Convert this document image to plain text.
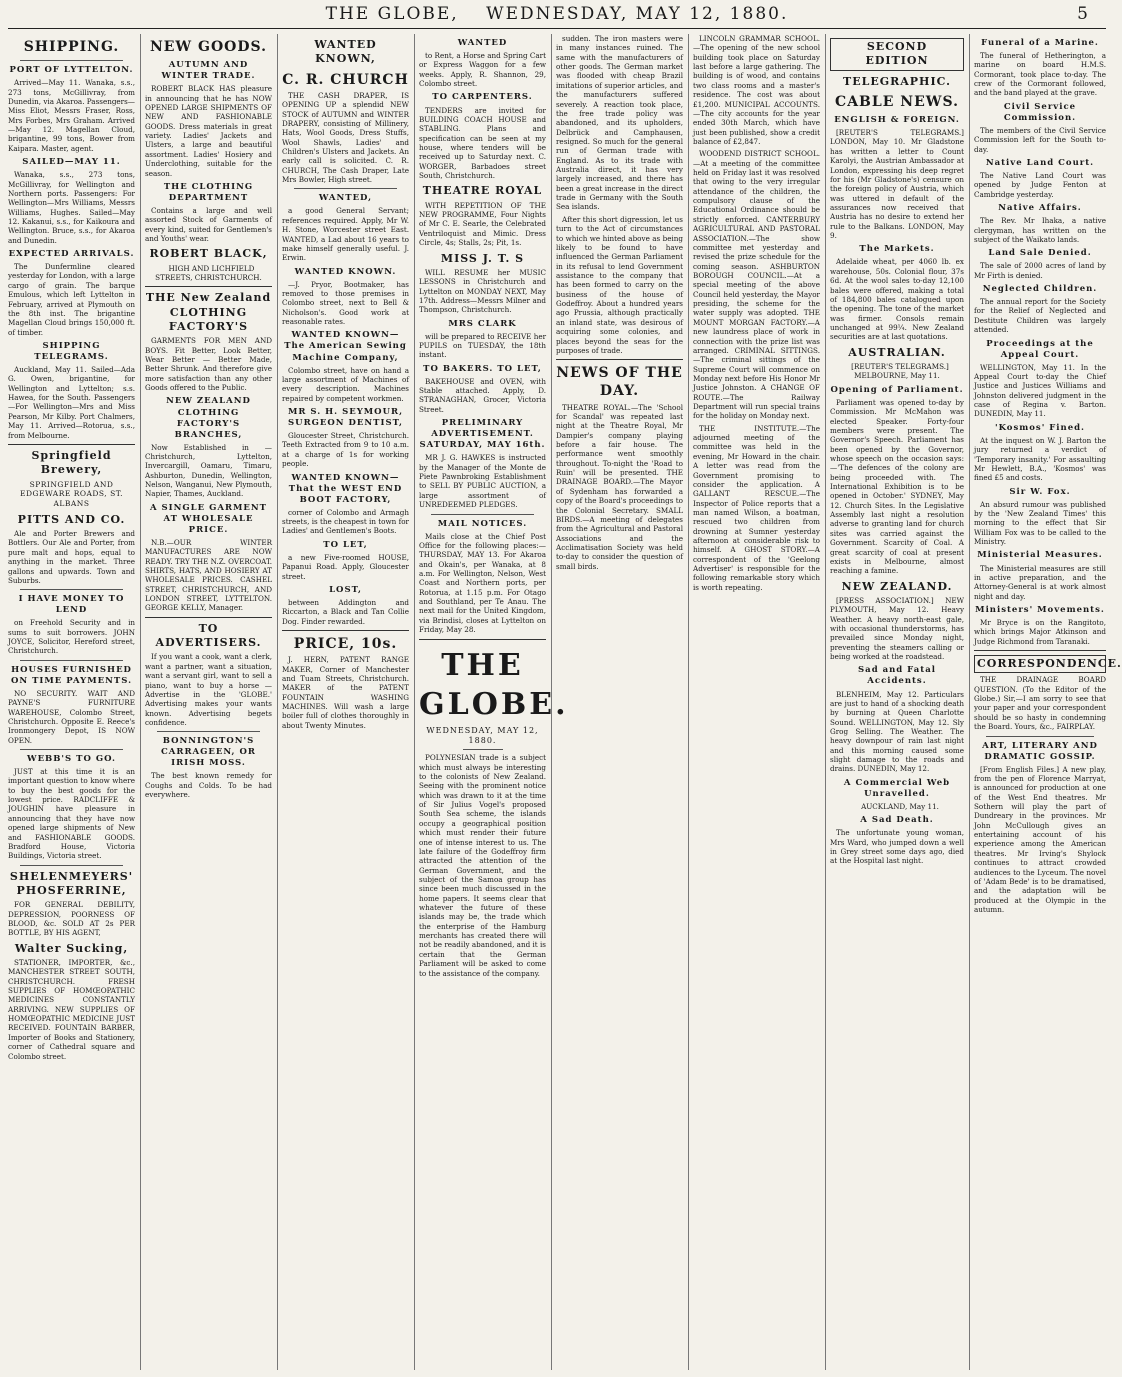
THE GLOBE, WEDNESDAY, MAY 12, 1880.	5
SHIPPING.
PORT OF LYTTELTON.

Arrived—May 11. Wanaka, s.s., 273 tons, McGillivray, from Dunedin, via Akaroa. Passengers—Miss Eliot, Messrs Fraser, Ross, Mrs Forbes, Mrs Graham. Arrived—May 12. Magellan Cloud, brigantine, 99 tons, Bower from Kaipara. Master, agent.

SAILED—MAY 11.

Wanaka, s.s., 273 tons, McGillivray, for Wellington and Northern ports. Passengers: For Wellington—Mrs Williams, Messrs Williams, Hughes. Sailed—May 12. Kakanui, s.s., for Kaikoura and Wellington. Bruce, s.s., for Akaroa and Dunedin.

EXPECTED ARRIVALS.

The Dunfermline cleared yesterday for London, with a large cargo of grain. The barque Emulous, which left Lyttelton in February, arrived at Plymouth on the 8th inst. The brigantine Magellan Cloud brings 150,000 ft. of timber.

SHIPPING TELEGRAMS.

Auckland, May 11. Sailed—Ada G. Owen, brigantine, for Wellington and Lyttelton; s.s. Hawea, for the South. Passengers—For Wellington—Mrs and Miss Pearson, Mr Kilby. Port Chalmers, May 11. Arrived—Rotorua, s.s., from Melbourne.

Springfield Brewery,
SPRINGFIELD AND EDGEWARE ROADS, ST. ALBANS
PITTS AND CO.

Ale and Porter Brewers and Bottlers. Our Ale and Porter, from pure malt and hops, equal to anything in the market. Three gallons and upwards. Town and Suburbs.

I HAVE MONEY TO LEND

on Freehold Security and in sums to suit borrowers. JOHN JOYCE, Solicitor, Hereford street, Christchurch.

HOUSES FURNISHED ON TIME PAYMENTS.

NO SECURITY. WAIT AND PAYNE'S FURNITURE WAREHOUSE, Colombo Street, Christchurch. Opposite E. Reece's Ironmongery Depot, IS NOW OPEN.

WEBB'S TO GO.

JUST at this time it is an important question to know where to buy the best goods for the lowest price. RADCLIFFE & JOUGHIN have pleasure in announcing that they have now opened large shipments of New and FASHIONABLE GOODS. Bradford House, Victoria Buildings, Victoria street.

SHELENMEYERS' PHOSFERRINE,

FOR GENERAL DEBILITY, DEPRESSION, POORNESS OF BLOOD, &c. SOLD AT 2s PER BOTTLE, BY HIS AGENT,

Walter Sucking,

STATIONER, IMPORTER, &c., MANCHESTER STREET SOUTH, CHRISTCHURCH. FRESH SUPPLIES OF HOMŒOPATHIC MEDICINES CONSTANTLY ARRIVING. NEW SUPPLIES OF HOMŒOPATHIC MEDICINE JUST RECEIVED. FOUNTAIN BARBER, Importer of Books and Stationery, corner of Cathedral square and Colombo street.

NEW GOODS.
AUTUMN AND WINTER TRADE.

ROBERT BLACK HAS pleasure in announcing that he has NOW OPENED LARGE SHIPMENTS OF NEW AND FASHIONABLE GOODS. Dress materials in great variety. Ladies' Jackets and Ulsters, a large and beautiful assortment. Ladies' Hosiery and Underclothing, suitable for the season.

THE CLOTHING DEPARTMENT

Contains a large and well assorted Stock of Garments of every kind, suited for Gentlemen's and Youths' wear.

ROBERT BLACK,

HIGH AND LICHFIELD STREETS, CHRISTCHURCH.

THE New Zealand CLOTHING FACTORY'S

GARMENTS FOR MEN AND BOYS. Fit Better, Look Better, Wear Better — Better Made, Better Shrunk. And therefore give more satisfaction than any other Goods offered to the Public.

NEW ZEALAND CLOTHING FACTORY'S BRANCHES,

Now Established in — Christchurch, Lyttelton, Invercargill, Oamaru, Timaru, Ashburton, Dunedin, Wellington, Nelson, Wanganui, New Plymouth, Napier, Thames, Auckland.

A SINGLE GARMENT AT WHOLESALE PRICE.

N.B.—OUR WINTER MANUFACTURES ARE NOW READY. TRY THE N.Z. OVERCOAT. SHIRTS, HATS, AND HOSIERY AT WHOLESALE PRICES. CASHEL STREET, CHRISTCHURCH, AND LONDON STREET, LYTTELTON. GEORGE KELLY, Manager.

TO ADVERTISERS.

If you want a cook, want a clerk, want a partner, want a situation, want a servant girl, want to sell a piano, want to buy a horse — Advertise in the 'GLOBE.' Advertising makes your wants known. Advertising begets confidence.

BONNINGTON'S CARRAGEEN, OR IRISH MOSS.

The best known remedy for Coughs and Colds. To be had everywhere.

WANTED KNOWN,
C. R. CHURCH

THE CASH DRAPER, IS OPENING UP a splendid NEW STOCK of AUTUMN and WINTER DRAPERY, consisting of Millinery, Hats, Wool Goods, Dress Stuffs, Wool Shawls, Ladies' and Children's Ulsters and Jackets. An early call is solicited. C. R. CHURCH, The Cash Draper, Late Mrs Bowler, High street.

WANTED,

a good General Servant; references required. Apply, Mr W. H. Stone, Worcester street East. WANTED, a Lad about 16 years to make himself generally useful. J. Erwin.

WANTED KNOWN.

—J. Pryor, Bootmaker, has removed to those premises in Colombo street, next to Bell & Nicholson's. Good work at reasonable rates.

WANTED KNOWN—The American Sewing Machine Company,

Colombo street, have on hand a large assortment of Machines of every description. Machines repaired by competent workmen.

MR S. H. SEYMOUR, SURGEON DENTIST,

Gloucester Street, Christchurch. Teeth Extracted from 9 to 10 a.m. at a charge of 1s for working people.

WANTED KNOWN—That the WEST END BOOT FACTORY,

corner of Colombo and Armagh streets, is the cheapest in town for Ladies' and Gentlemen's Boots.

TO LET,

a new Five-roomed HOUSE, Papanui Road. Apply, Gloucester street.

LOST,

between Addington and Riccarton, a Black and Tan Collie Dog. Finder rewarded.

PRICE, 10s.

J. HERN, PATENT RANGE MAKER, Corner of Manchester and Tuam Streets, Christchurch. MAKER of the PATENT FOUNTAIN WASHING MACHINES. Will wash a large boiler full of clothes thoroughly in about Twenty Minutes.

WANTED

to Rent, a Horse and Spring Cart or Express Waggon for a few weeks. Apply, R. Shannon, 29, Colombo street.

TO CARPENTERS.

TENDERS are invited for BUILDING COACH HOUSE and STABLING. Plans and specification can be seen at my house, where tenders will be received up to Saturday next. C. WORGER, Barbadoes street South, Christchurch.

THEATRE ROYAL

WITH REPETITION OF THE NEW PROGRAMME, Four Nights of Mr C. E. Searle, the Celebrated Ventriloquist and Mimic. Dress Circle, 4s; Stalls, 2s; Pit, 1s.

MISS J. T. S

WILL RESUME her MUSIC LESSONS in Christchurch and Lyttelton on MONDAY NEXT, May 17th. Address—Messrs Milner and Thompson, Christchurch.

MRS CLARK

will be prepared to RECEIVE her PUPILS on TUESDAY, the 18th instant.

TO BAKERS. TO LET,

BAKEHOUSE and OVEN, with Stable attached. Apply, D. STRANAGHAN, Grocer, Victoria Street.

PRELIMINARY ADVERTISEMENT. SATURDAY, MAY 16th.

MR J. G. HAWKES is instructed by the Manager of the Monte de Piete Pawnbroking Establishment to SELL BY PUBLIC AUCTION, a large assortment of UNREDEEMED PLEDGES.

MAIL NOTICES.

Mails close at the Chief Post Office for the following places:— THURSDAY, MAY 13. For Akaroa and Okain's, per Wanaka, at 8 a.m. For Wellington, Nelson, West Coast and Northern ports, per Rotorua, at 1.15 p.m. For Otago and Southland, per Te Anau. The next mail for the United Kingdom, via Brindisi, closes at Lyttelton on Friday, May 28.

THE GLOBE.
WEDNESDAY, MAY 12, 1880.

POLYNESIAN trade is a subject which must always be interesting to the colonists of New Zealand. Seeing with the prominent notice which was drawn to it at the time of Sir Julius Vogel's proposed South Sea scheme, the islands occupy a geographical position which must render their future one of intense interest to us. The late failure of the Godeffroy firm attracted the attention of the German Government, and the subject of the Samoa group has since been much discussed in the home papers. It seems clear that whatever the future of these islands may be, the trade which the enterprise of the Hamburg merchants has created there will not be readily abandoned, and it is certain that the German Parliament will be asked to come to the assistance of the company.

sudden. The iron masters were in many instances ruined. The same with the manufacturers of other goods. The German market was flooded with cheap Brazil imitations of superior articles, and the manufacturers suffered severely. A reaction took place, the free trade policy was abandoned, and its upholders, Delbrück and Camphausen, resigned. So much for the general run of German trade with England. As to its trade with Australia direct, it has very largely increased, and there has been a great increase in the direct trade in Germany with the South Sea islands.

After this short digression, let us turn to the Act of circumstances to which we hinted above as being likely to be found to have influenced the German Parliament in its refusal to lend Government assistance to the company that has been formed to carry on the business of the house of Godeffroy. About a hundred years ago Prussia, although practically an inland state, was desirous of acquiring some colonies, and places beyond the seas for the purposes of trade.

NEWS OF THE DAY.

THEATRE ROYAL.—The 'School for Scandal' was repeated last night at the Theatre Royal, Mr Dampier's company playing before a fair house. The performance went smoothly throughout. To-night the 'Road to Ruin' will be presented. THE DRAINAGE BOARD.—The Mayor of Sydenham has forwarded a copy of the Board's proceedings to the Colonial Secretary. SMALL BIRDS.—A meeting of delegates from the Agricultural and Pastoral Associations and the Acclimatisation Society was held to-day to consider the question of small birds.

LINCOLN GRAMMAR SCHOOL.—The opening of the new school building took place on Saturday last before a large gathering. The building is of wood, and contains two class rooms and a master's residence. The cost was about £1,200. MUNICIPAL ACCOUNTS.—The city accounts for the year ended 30th March, which have just been published, show a credit balance of £2,847.

WOODEND DISTRICT SCHOOL.—At a meeting of the committee held on Friday last it was resolved that owing to the very irregular attendance of the children, the compulsory clause of the Educational Ordinance should be strictly enforced. CANTERBURY AGRICULTURAL AND PASTORAL ASSOCIATION.—The show committee met yesterday and revised the prize schedule for the coming season. ASHBURTON BOROUGH COUNCIL.—At a special meeting of the above Council held yesterday, the Mayor presiding, the scheme for the water supply was adopted. THE MOUNT MORGAN FACTORY.—A new laundress place of work in connection with the prize list was arranged. CRIMINAL SITTINGS.—The criminal sittings of the Supreme Court will commence on Monday next before His Honor Mr Justice Johnston. A CHANGE OF ROUTE.—The Railway Department will run special trains for the holiday on Monday next.

THE INSTITUTE.—The adjourned meeting of the committee was held in the evening, Mr Howard in the chair. A letter was read from the Government promising to consider the application. A GALLANT RESCUE.—The Inspector of Police reports that a man named Wilson, a boatman, rescued two children from drowning at Sumner yesterday afternoon at considerable risk to himself. A GHOST STORY.—A correspondent of the 'Geelong Advertiser' is responsible for the following remarkable story which is worth repeating.

SECOND EDITION
TELEGRAPHIC.
CABLE NEWS.
ENGLISH & FOREIGN.

[REUTER'S TELEGRAMS.] LONDON, May 10. Mr Gladstone has written a letter to Count Karolyi, the Austrian Ambassador at London, expressing his deep regret for his (Mr Gladstone's) censure on the foreign policy of Austria, which was uttered in default of the assurances now received that Austria has no desire to extend her rule to the Balkans. LONDON, May 9.

The Markets.

Adelaide wheat, per 4060 lb. ex warehouse, 50s. Colonial flour, 37s 6d. At the wool sales to-day 12,100 bales were offered, making a total of 184,800 bales catalogued upon the opening. The tone of the market was firmer. Consols remain unchanged at 99¼. New Zealand securities are at last quotations.

AUSTRALIAN.

[REUTER'S TELEGRAMS.] MELBOURNE, May 11.

Opening of Parliament.

Parliament was opened to-day by Commission. Mr McMahon was elected Speaker. Forty-four members were present. The Governor's Speech. Parliament has been opened by the Governor, whose speech on the occasion says:—'The defences of the colony are being proceeded with. The International Exhibition is to be opened in October.' SYDNEY, May 12. Church Sites. In the Legislative Assembly last night a resolution adverse to granting land for church sites was carried against the Government. Scarcity of Coal. A great scarcity of coal at present exists in Melbourne, almost reaching a famine.

NEW ZEALAND.

[PRESS ASSOCIATION.] NEW PLYMOUTH, May 12. Heavy Weather. A heavy north-east gale, with occasional thunderstorms, has prevailed since Monday night, preventing the steamers calling or being worked at the roadstead.

Sad and Fatal Accidents.

BLENHEIM, May 12. Particulars are just to hand of a shocking death by burning at Queen Charlotte Sound. WELLINGTON, May 12. Sly Grog Selling. The Weather. The heavy downpour of rain last night and this morning caused some slight damage to the roads and drains. DUNEDIN, May 12.

A Commercial Web Unravelled.

AUCKLAND, May 11.

A Sad Death.

The unfortunate young woman, Mrs Ward, who jumped down a well in Grey street some days ago, died at the Hospital last night.

Funeral of a Marine.

The funeral of Hetherington, a marine on board H.M.S. Cormorant, took place to-day. The crew of the Cormorant followed, and the band played at the grave.

Civil Service Commission.

The members of the Civil Service Commission left for the South to-day.

Native Land Court.

The Native Land Court was opened by Judge Fenton at Cambridge yesterday.

Native Affairs.

The Rev. Mr Ihaka, a native clergyman, has written on the subject of the Waikato lands.

Land Sale Denied.

The sale of 2000 acres of land by Mr Firth is denied.

Neglected Children.

The annual report for the Society for the Relief of Neglected and Destitute Children was largely attended.

Proceedings at the Appeal Court.

WELLINGTON, May 11. In the Appeal Court to-day the Chief Justice and Justices Williams and Johnston delivered judgment in the case of Regina v. Barton. DUNEDIN, May 11.

'Kosmos' Fined.

At the inquest on W. J. Barton the jury returned a verdict of 'Temporary insanity.' For assaulting Mr Hewlett, B.A., 'Kosmos' was fined £5 and costs.

Sir W. Fox.

An absurd rumour was published by the 'New Zealand Times' this morning to the effect that Sir William Fox was to be called to the Ministry.

Ministerial Measures.

The Ministerial measures are still in active preparation, and the Attorney-General is at work almost night and day.

Ministers' Movements.

Mr Bryce is on the Rangitoto, which brings Major Atkinson and Judge Richmond from Taranaki.

CORRESPONDENCE.

THE DRAINAGE BOARD QUESTION. (To the Editor of the Globe.) Sir,—I am sorry to see that your paper and your correspondent should be so hasty in condemning the Board. Yours, &c., FAIRPLAY.

ART, LITERARY AND DRAMATIC GOSSIP.

[From English Files.] A new play, from the pen of Florence Marryat, is announced for production at one of the West End theatres. Mr Sothern will play the part of Dundreary in the provinces. Mr John McCullough gives an entertaining account of his experience among the American theatres. Mr Irving's Shylock continues to attract crowded audiences to the Lyceum. The novel of 'Adam Bede' is to be dramatised, and the adaptation will be produced at the Olympic in the autumn.
